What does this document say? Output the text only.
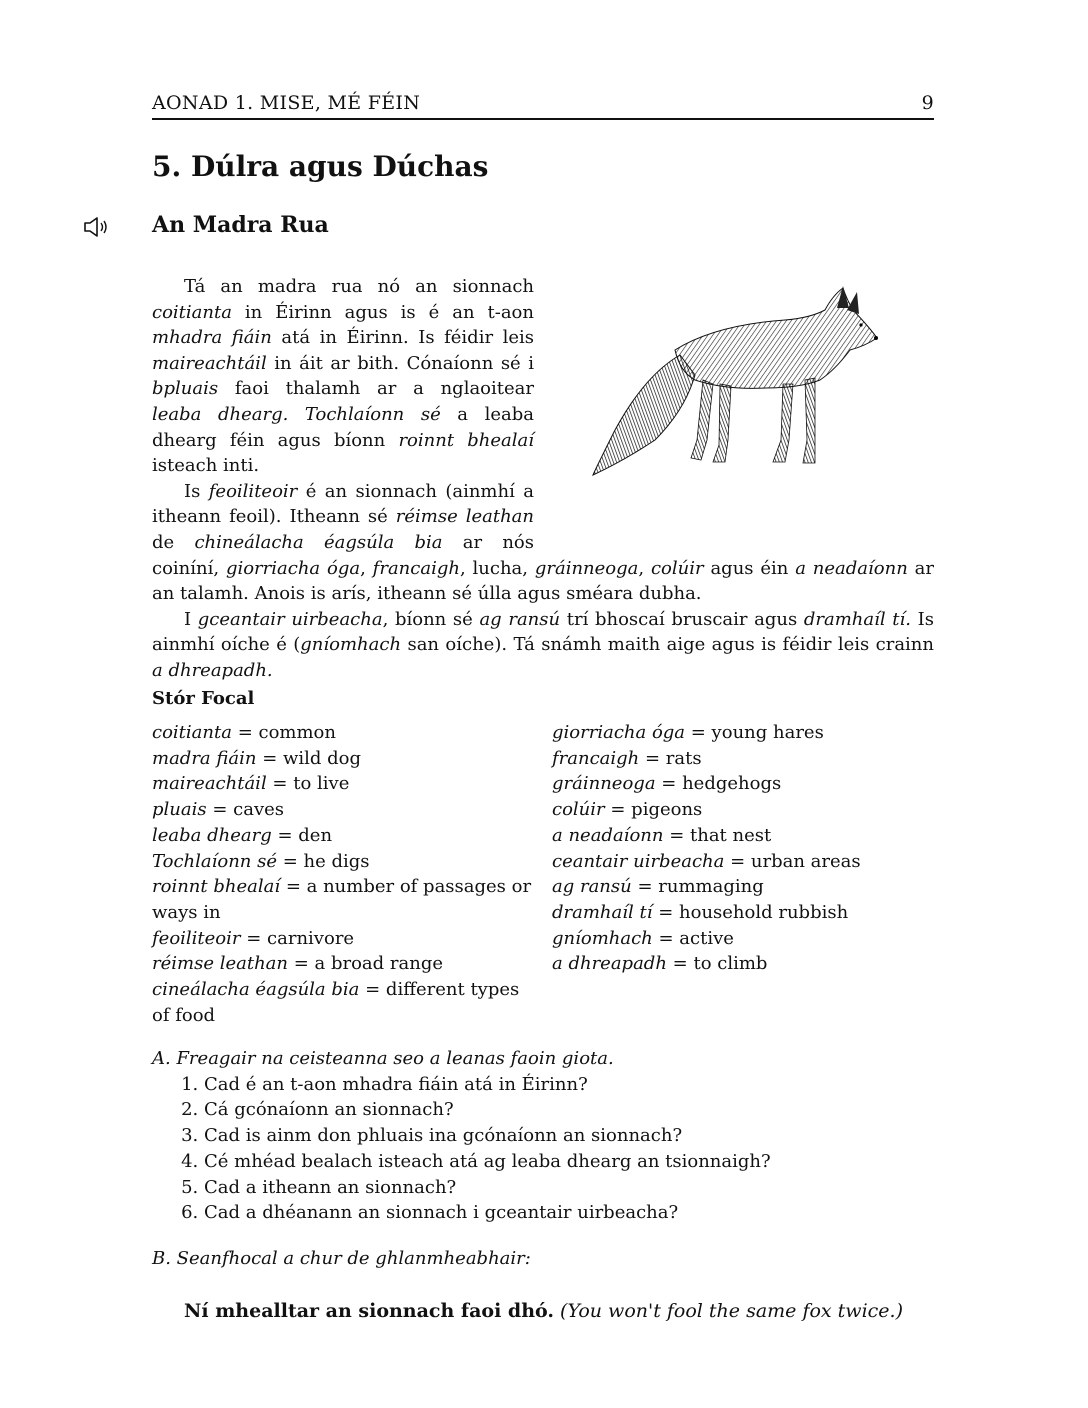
AONAD 1. MISE, MÉ FÉIN	9
5. Dúlra agus Dúchas
An Madra Rua

Tá an madra rua nó an sionnach coitianta in Éirinn agus is é an t-aon mhadra fiáin atá in Éirinn. Is féidir leis maireachtáil in áit ar bith. Cónaíonn sé i bpluais faoi thalamh ar a nglaoitear leaba dhearg. Tochlaíonn sé a leaba dhearg féin agus bíonn roinnt bhealaí isteach inti.

Is feoiliteoir é an sionnach (ainmhí a itheann feoil). Itheann sé réimse leathan de chineálacha éagsúla bia ar nós coiníní, giorriacha óga, francaigh, lucha, gráinneoga, colúir agus éin a neadaíonn ar an talamh. Anois is arís, itheann sé úlla agus sméara dubha.

I gceantair uirbeacha, bíonn sé ag ransú trí bhoscaí bruscair agus dramhaíl tí. Is ainmhí oíche é (gníomhach san oíche). Tá snámh maith aige agus is féidir leis crainn a dhreapadh.

Stór Focal
coitianta = common
madra fiáin = wild dog
maireachtáil = to live
pluais = caves
leaba dhearg = den
Tochlaíonn sé = he digs
roinnt bhealaí = a number of passages or ways in
feoiliteoir = carnivore
réimse leathan = a broad range
cineálacha éagsúla bia = different types of food
giorriacha óga = young hares
francaigh = rats
gráinneoga = hedgehogs
colúir = pigeons
a neadaíonn = that nest
ceantair uirbeacha = urban areas
ag ransú = rummaging
dramhaíl tí = household rubbish
gníomhach = active
a dhreapadh = to climb
A. Freagair na ceisteanna seo a leanas faoin giota.
1. Cad é an t-aon mhadra fiáin atá in Éirinn?
2. Cá gcónaíonn an sionnach?
3. Cad is ainm don phluais ina gcónaíonn an sionnach?
4. Cé mhéad bealach isteach atá ag leaba dhearg an tsionnaigh?
5. Cad a itheann an sionnach?
6. Cad a dhéanann an sionnach i gceantair uirbeacha?
B. Seanfhocal a chur de ghlanmheabhair:
Ní mhealltar an sionnach faoi dhó. (You won't fool the same fox twice.)
